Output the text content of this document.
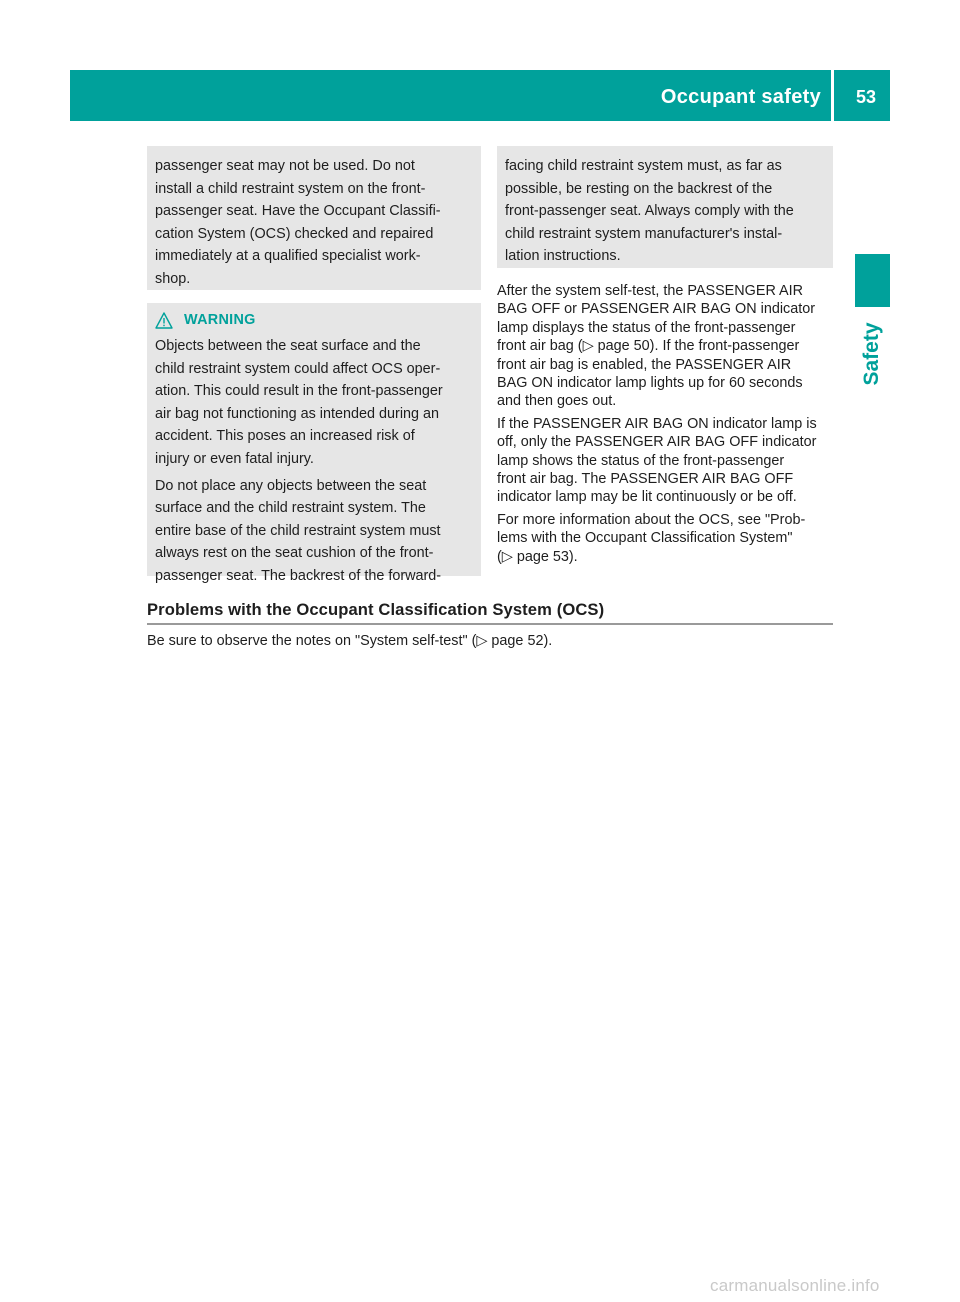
Occupant safety 53
Safety

passenger seat may not be used. Do not
install a child restraint system on the front-
passenger seat. Have the Occupant Classifi-
cation System (OCS) checked and repaired
immediately at a qualified specialist work-
shop.

WARNING

Objects between the seat surface and the
child restraint system could affect OCS oper-
ation. This could result in the front-passenger
air bag not functioning as intended during an
accident. This poses an increased risk of
injury or even fatal injury.

Do not place any objects between the seat
surface and the child restraint system. The
entire base of the child restraint system must
always rest on the seat cushion of the front-
passenger seat. The backrest of the forward-

facing child restraint system must, as far as
possible, be resting on the backrest of the
front-passenger seat. Always comply with the
child restraint system manufacturer's instal-
lation instructions.

After the system self-test, the PASSENGER AIR
BAG OFF or PASSENGER AIR BAG ON indicator
lamp displays the status of the front-passenger
front air bag (▷ page 50). If the front-passenger
front air bag is enabled, the PASSENGER AIR
BAG ON indicator lamp lights up for 60 seconds
and then goes out.

If the PASSENGER AIR BAG ON indicator lamp is
off, only the PASSENGER AIR BAG OFF indicator
lamp shows the status of the front-passenger
front air bag. The PASSENGER AIR BAG OFF
indicator lamp may be lit continuously or be off.

For more information about the OCS, see "Prob-
lems with the Occupant Classification System"
(▷ page 53).

Problems with the Occupant Classification System (OCS)

Be sure to observe the notes on "System self-test" (▷ page 52).

carmanualsonline.info
